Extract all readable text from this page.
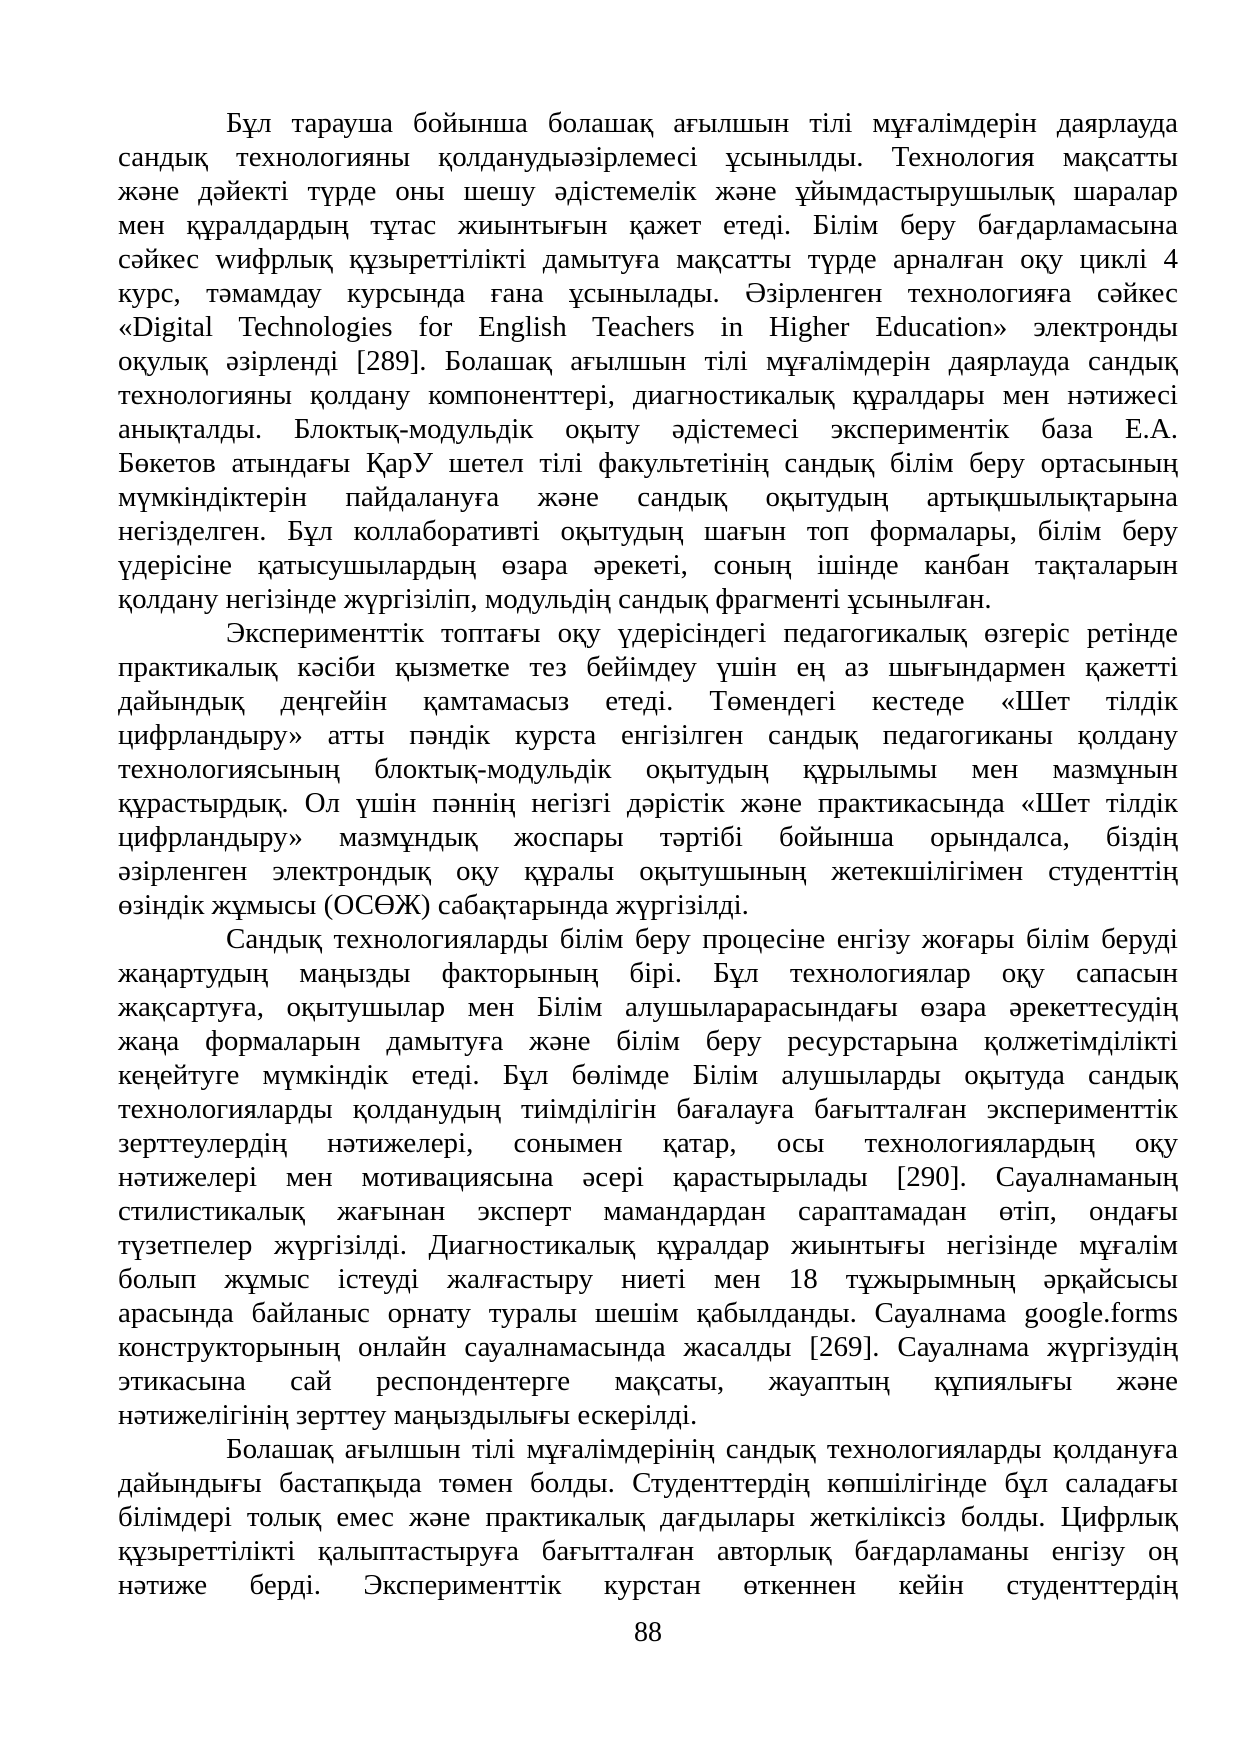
Бұл тарауша бойынша болашақ ағылшын тілі мұғалімдерін даярлауда
сандық технологияны қолданудыәзірлемесі ұсынылды. Технология мақсатты
және дәйекті түрде оны шешу әдістемелік және ұйымдастырушылық шаралар
мен құралдардың тұтас жиынтығын қажет етеді. Білім беру бағдарламасына
сәйкес wифрлық құзыреттілікті дамытуға мақсатты түрде арналған оқу циклі 4
курс, тәмамдау курсында ғана ұсынылады. Әзірленген технологияға сәйкес
«Digital Technologies for English Teachers in Higher Education» электронды
оқулық әзірленді [289]. Болашақ ағылшын тілі мұғалімдерін даярлауда сандық
технологияны қолдану компоненттері, диагностикалық құралдары мен нәтижесі
анықталды. Блоктық-модульдік оқыту әдістемесі экспериментік база Е.А.
Бөкетов атындағы ҚарУ шетел тілі факультетінің сандық білім беру ортасының
мүмкіндіктерін пайдалануға және сандық оқытудың артықшылықтарына
негізделген. Бұл коллаборативті оқытудың шағын топ формалары, білім беру
үдерісіне қатысушылардың өзара әрекеті, соның ішінде канбан тақталарын
қолдану негізінде жүргізіліп, модульдің сандық фрагменті ұсынылған.
Эксперименттік топтағы оқу үдерісіндегі педагогикалық өзгеріс ретінде
практикалық кәсіби қызметке тез бейімдеу үшін ең аз шығындармен қажетті
дайындық деңгейін қамтамасыз етеді. Төмендегі кестеде «Шет тілдік
цифрландыру» атты пәндік курста енгізілген сандық педагогиканы қолдану
технологиясының блоктық-модульдік оқытудың құрылымы мен мазмұнын
құрастырдық. Ол үшін пәннің негізгі дәрістік және практикасында «Шет тілдік
цифрландыру» мазмұндық жоспары тәртібі бойынша орындалса, біздің
әзірленген электрондық оқу құралы оқытушының жетекшілігімен студенттің
өзіндік жұмысы (ОСӨЖ) сабақтарында жүргізілді.
Сандық технологияларды білім беру процесіне енгізу жоғары білім беруді
жаңартудың маңызды факторының бірі. Бұл технологиялар оқу сапасын
жақсартуға, оқытушылар мен Білім алушыларарасындағы өзара әрекеттесудің
жаңа формаларын дамытуға және білім беру ресурстарына қолжетімділікті
кеңейтуге мүмкіндік етеді. Бұл бөлімде Білім алушыларды оқытуда сандық
технологияларды қолданудың тиімділігін бағалауға бағытталған эксперименттік
зерттеулердің нәтижелері, сонымен қатар, осы технологиялардың оқу
нәтижелері мен мотивациясына әсері қарастырылады [290]. Сауалнаманың
стилистикалық жағынан эксперт мамандардан сараптамадан өтіп, ондағы
түзетпелер жүргізілді. Диагностикалық құралдар жиынтығы негізінде мұғалім
болып жұмыс істеуді жалғастыру ниеті мен 18 тұжырымның әрқайсысы
арасында байланыс орнату туралы шешім қабылданды. Сауалнама google.forms
конструкторының онлайн сауалнамасында жасалды [269]. Сауалнама жүргізудің
этикасына сай респондентерге мақсаты, жауаптың құпиялығы және
нәтижелігінің зерттеу маңыздылығы ескерілді.
Болашақ ағылшын тілі мұғалімдерінің сандық технологияларды қолдануға
дайындығы бастапқыда төмен болды. Студенттердің көпшілігінде бұл саладағы
білімдері толық емес және практикалық дағдылары жеткіліксіз болды. Цифрлық
құзыреттілікті қалыптастыруға бағытталған авторлық бағдарламаны енгізу оң
нәтиже берді. Эксперименттік курстан өткеннен кейін студенттердің
88
